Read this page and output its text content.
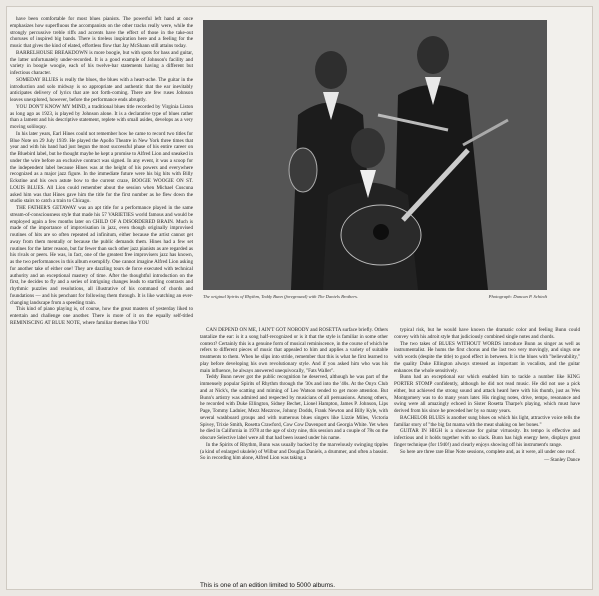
have been comfortable for most blues pianists. The powerful left hand at once emphasizes how superfluous the accompanists on the other tracks really were, while the strongly percussive treble riffs and accents have the effect of those in the take-out choruses of inspired big bands. There is tireless inspiration here and a feeling for the music that gives the kind of elated, effortless flow that Jay McShann still attains today.

BARRELHOUSE BREAKDOWN is more boogie, but with spots for bass and guitar, the latter unfortunately under-recorded. It is a good example of Johnson's facility and variety in boogie woogie, each of his twelve-bar statements having a different but infectious character.

SOMEDAY BLUES is really the blues, the blues with a heart-ache. The guitar in the introduction and solo midway is so appropriate and authentic that the ear inevitably anticipates delivery of lyrics that are not forth-coming. There are few ruses Johnson leaves unexplored, however, before the performance ends abruptly.

YOU DON'T KNOW MY MIND, a traditional blues title recorded by Virginia Liston as long ago as 1923, is played by Johnson alone. It is a declarative type of blues rather than a lament and his descriptive statement, replete with small asides, develops as a very moving soliloquy.

In his later years, Earl Hines could not remember how he came to record two titles for Blue Note on 29 July 1939. He played the Apollo Theatre in New York three times that year and with his band had just begun the most successful phase of his entire career on the Bluebird label, but he thought maybe he kept a promise to Alfred Lion and sneaked in under the wire before an exclusive contract was signed. In any event, it was a scoop for the independent label because Hines was at the height of his powers and everywhere recognized as a major jazz figure. In the immediate future were his big hits with Billy Eckstine and his own astute bow to the current craze, BOOGIE WOOGIE ON ST. LOUIS BLUES. All Lion could remember about the session when Michael Cuscuna asked him was that Hines gave him the title for the first number as he flew down the studio stairs to catch a train to Chicago.

THE FATHER'S GETAWAY was an apt title for a performance played in the same stream-of-consciousness style that made his 57 VARIETIES world famous and would be employed again a few months later on CHILD OF A DISORDERED BRAIN. Much is made of the importance of improvisation in jazz, even though originally improvised routines of hits are so often repeated ad infinitum, either because the artist cannot get away from them mentally or because the public demands them. Hines had a few set routines for the latter reason, but far fewer than such other jazz pianists as are regarded as his rivals or peers. He was, in fact, one of the greatest free improvisers jazz has known, as the two performances in this album exemplify. One cannot imagine Alfred Lion asking for another take of either one! They are dazzling tours de force executed with technical authority and an exceptional mastery of time. After the thoughtful introduction on the first, he decides to fly and a series of intriguing changes leads to startling contrasts and rhythmic puzzles and resolutions, all illustrative of his command of chords and foundations — and his penchant for following them through. It is like watching an ever-changing landscape from a speeding train.

This kind of piano playing is, of course, how the great masters of yesterday liked to entertain and challenge one another. There is more of it on the equally self-titled REMINISCING AT BLUE NOTE, where familiar themes like YOU

The original Spirits of Rhythm, Teddy Bunn (foreground) with The Daniels Brothers.	Photograph: Duncan P. Schiedt

CAN DEPEND ON ME, I AIN'T GOT NOBODY and ROSETTA surface briefly. Others tantalize the ear: is it a song half-recognized or is it that the style is familiar in some other context? Certainly this is a genuine form of musical reminiscence, in the course of which he refers to different pieces of music that appealed to him and applies a variety of suitable treatments to them. When he slips into stride, remember that this is what he first learned to play before developing his own revolutionary style. And if you asked him who was his main influence, he always answered unequivocally, "Fats Waller".

Teddy Bunn never got the public recognition he deserved, although he was part of the immensely popular Spirits of Rhythm through the '30s and into the '40s. At the Onyx Club and at Nick's, the scatting and miming of Leo Watson tended to get more attention. But Bunn's artistry was admired and respected by musicians of all persuasions. Among others, he recorded with Duke Ellington, Sidney Bechet, Lionel Hampton, James P. Johnson, Lips Page, Tommy Ladnier, Mezz Mezzrow, Johnny Dodds, Frank Newton and Billy Kyle, with several washboard groups and with numerous blues singers like Lizzie Miles, Victoria Spivey, Trixie Smith, Rosetta Crawford, Cow Cow Davenport and Georgia White. Yet when he died in California in 1978 at the age of sixty nine, this session and a couple of 78s on the obscure Selective label were all that had been issued under his name.

In the Spirits of Rhythm, Bunn was usually backed by the marvelously swinging tipples (a kind of enlarged ukulele) of Wilbur and Douglas Daniels, a drummer, and often a bassist. So in recording him alone, Alfred Lion was taking a

typical risk, but he would have known the dramatic color and feeling Bunn could convey with his adroit style that judiciously combined single notes and chords.

The two takes of BLUES WITHOUT WORDS introduce Bunn as singer as well as instrumentalist. He hums the first chorus and the last two very movingly, and sings one with words (despite the title) to good effect in between. It is the blues with "believability," the quality Duke Ellington always stressed as important in vocalists, and the guitar enhances the whole sensitively.

Bunn had an exceptional ear which enabled him to tackle a number like KING PORTER STOMP confidently, although he did not read music. He did not use a pick either, but achieved the strong sound and attack heard here with his thumb, just as Wes Montgomery was to do many years later. His ringing notes, drive, tempo, resonance and swing were all amazingly echoed in Sister Rosetta Tharpe's playing, which must have derived from his since he preceded her by so many years.

BACHELOR BLUES is another sung blues on which his light, attractive voice tells the familiar story of "the big fat mama with the meat shaking on her bones."

GUITAR IN HIGH is a showcase for guitar virtuosity. Its tempo is effective and infectious and it holds together with no slack. Bunn has high energy here, displays great finger technique (for 1940!) and clearly enjoys showing off his instrument's range.

So here are three rare Blue Note sessions, complete and, as it were, all under one roof.

— Stanley Dance
This is one of an edition limited to 5000 albums.
